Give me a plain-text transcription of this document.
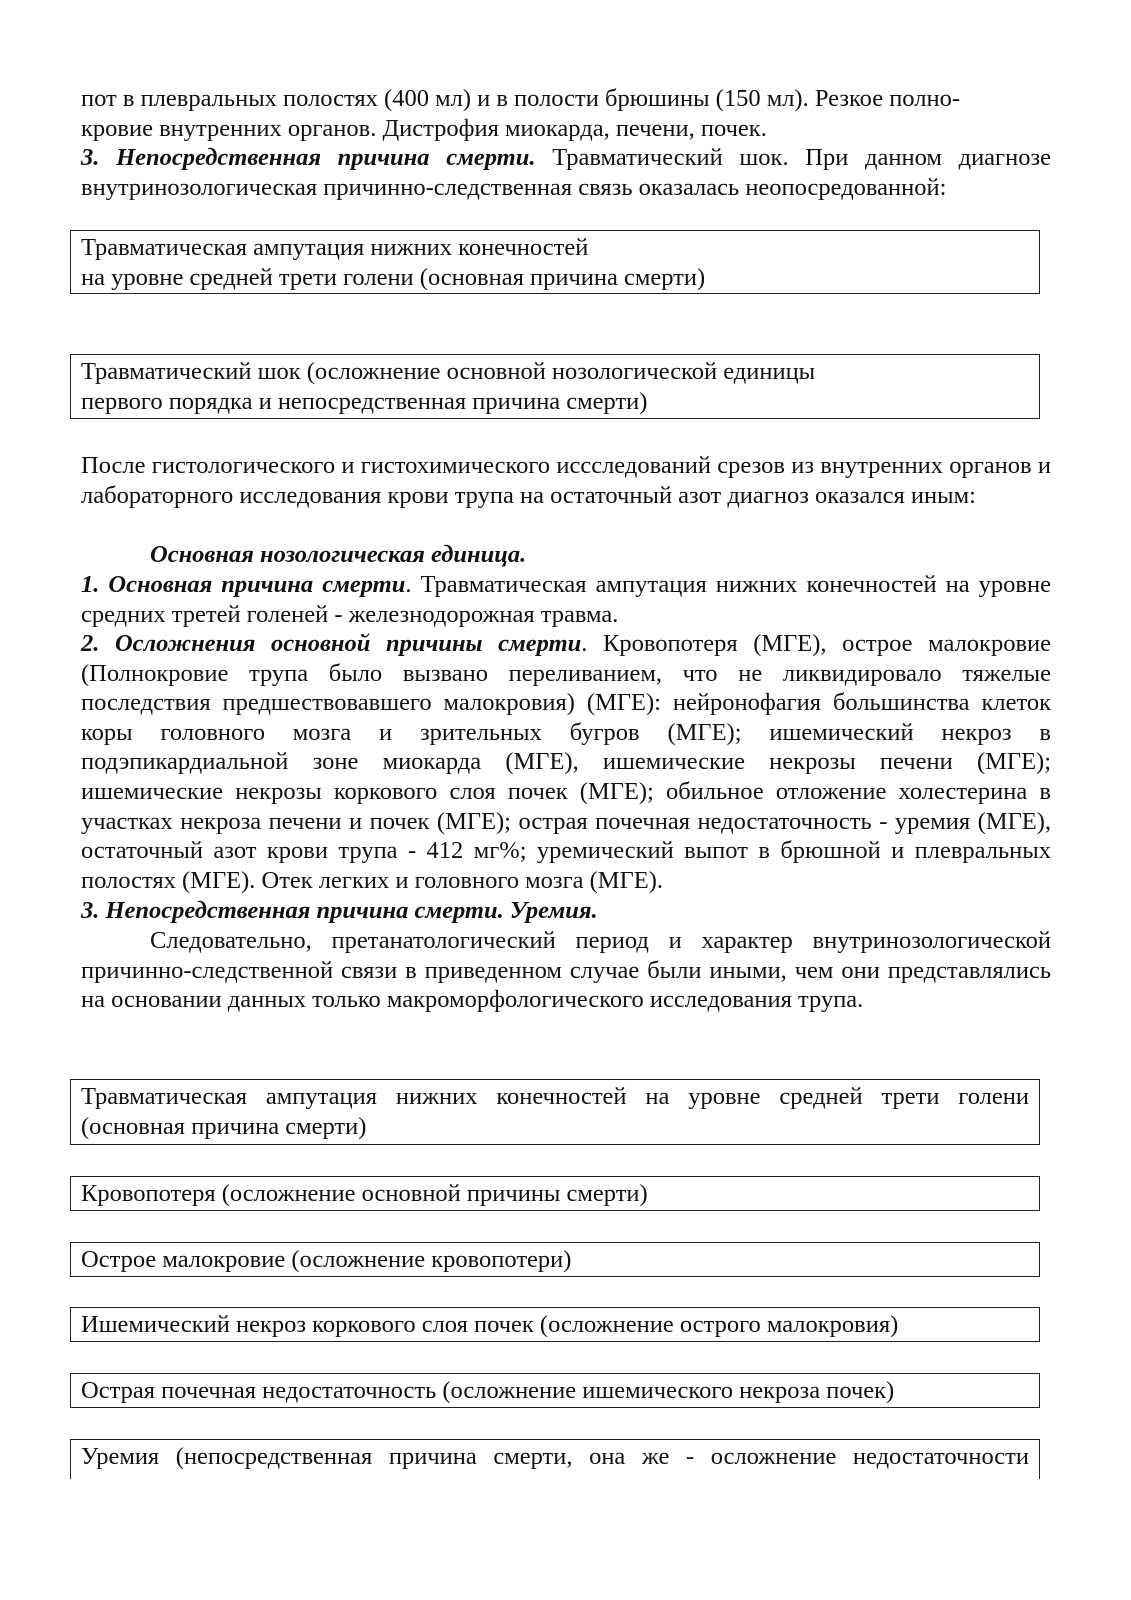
пот в плевральных полостях (400 мл) и в полости брюшины (150 мл). Резкое полно-
кровие внутренних органов. Дистрофия миокарда, печени, почек.

3. Непосредственная причина смерти. Травматический шок. При данном диагнозе внутринозологическая причинно-следственная связь оказалась неопосредованной:

Травматическая ампутация нижних конечностей
на уровне средней трети голени (основная причина смерти)
Травматический шок (осложнение основной нозологической единицы
первого порядка и непосредственная причина смерти)

После гистологического и гистохимического иссследований срезов из внутренних органов и лабораторного исследования крови трупа на остаточный азот диагноз оказался иным:

Основная нозологическая единица.

1. Основная причина смерти. Травматическая ампутация нижних конечностей на уровне средних третей голеней - железнодорожная травма.

2. Осложнения основной причины смерти. Кровопотеря (МГЕ), острое малокровие (Полнокровие трупа было вызвано переливанием, что не ликвидировало тяжелые последствия предшествовавшего малокровия) (МГЕ): нейронофагия большинства клеток коры головного мозга и зрительных бугров (МГЕ); ишемический некроз в подэпикардиальной зоне миокарда (МГЕ), ишемические некрозы печени (МГЕ); ишемические некрозы коркового слоя почек (МГЕ); обильное отложение холестерина в участках некроза печени и почек (МГЕ); острая почечная недостаточность - уремия (МГЕ), остаточный азот крови трупа - 412 мг%; уремический выпот в брюшной и плевральных полостях (МГЕ). Отек легких и головного мозга (МГЕ).

3. Непосредственная причина смерти. Уремия.

Следовательно, претанатологический период и характер внутринозологической причинно-следственной связи в приведенном случае были иными, чем они представлялись на основании данных только макроморфологического исследования трупа.

Травматическая ампутация нижних конечностей на уровне средней трети голени
(основная причина смерти)
Кровопотеря (осложнение основной причины смерти)
Острое малокровие (осложнение кровопотери)
Ишемический некроз коркового слоя почек (осложнение острого малокровия)
Острая почечная недостаточность (осложнение ишемического некроза почек)
Уремия (непосредственная причина смерти, она же - осложнение недостаточности
